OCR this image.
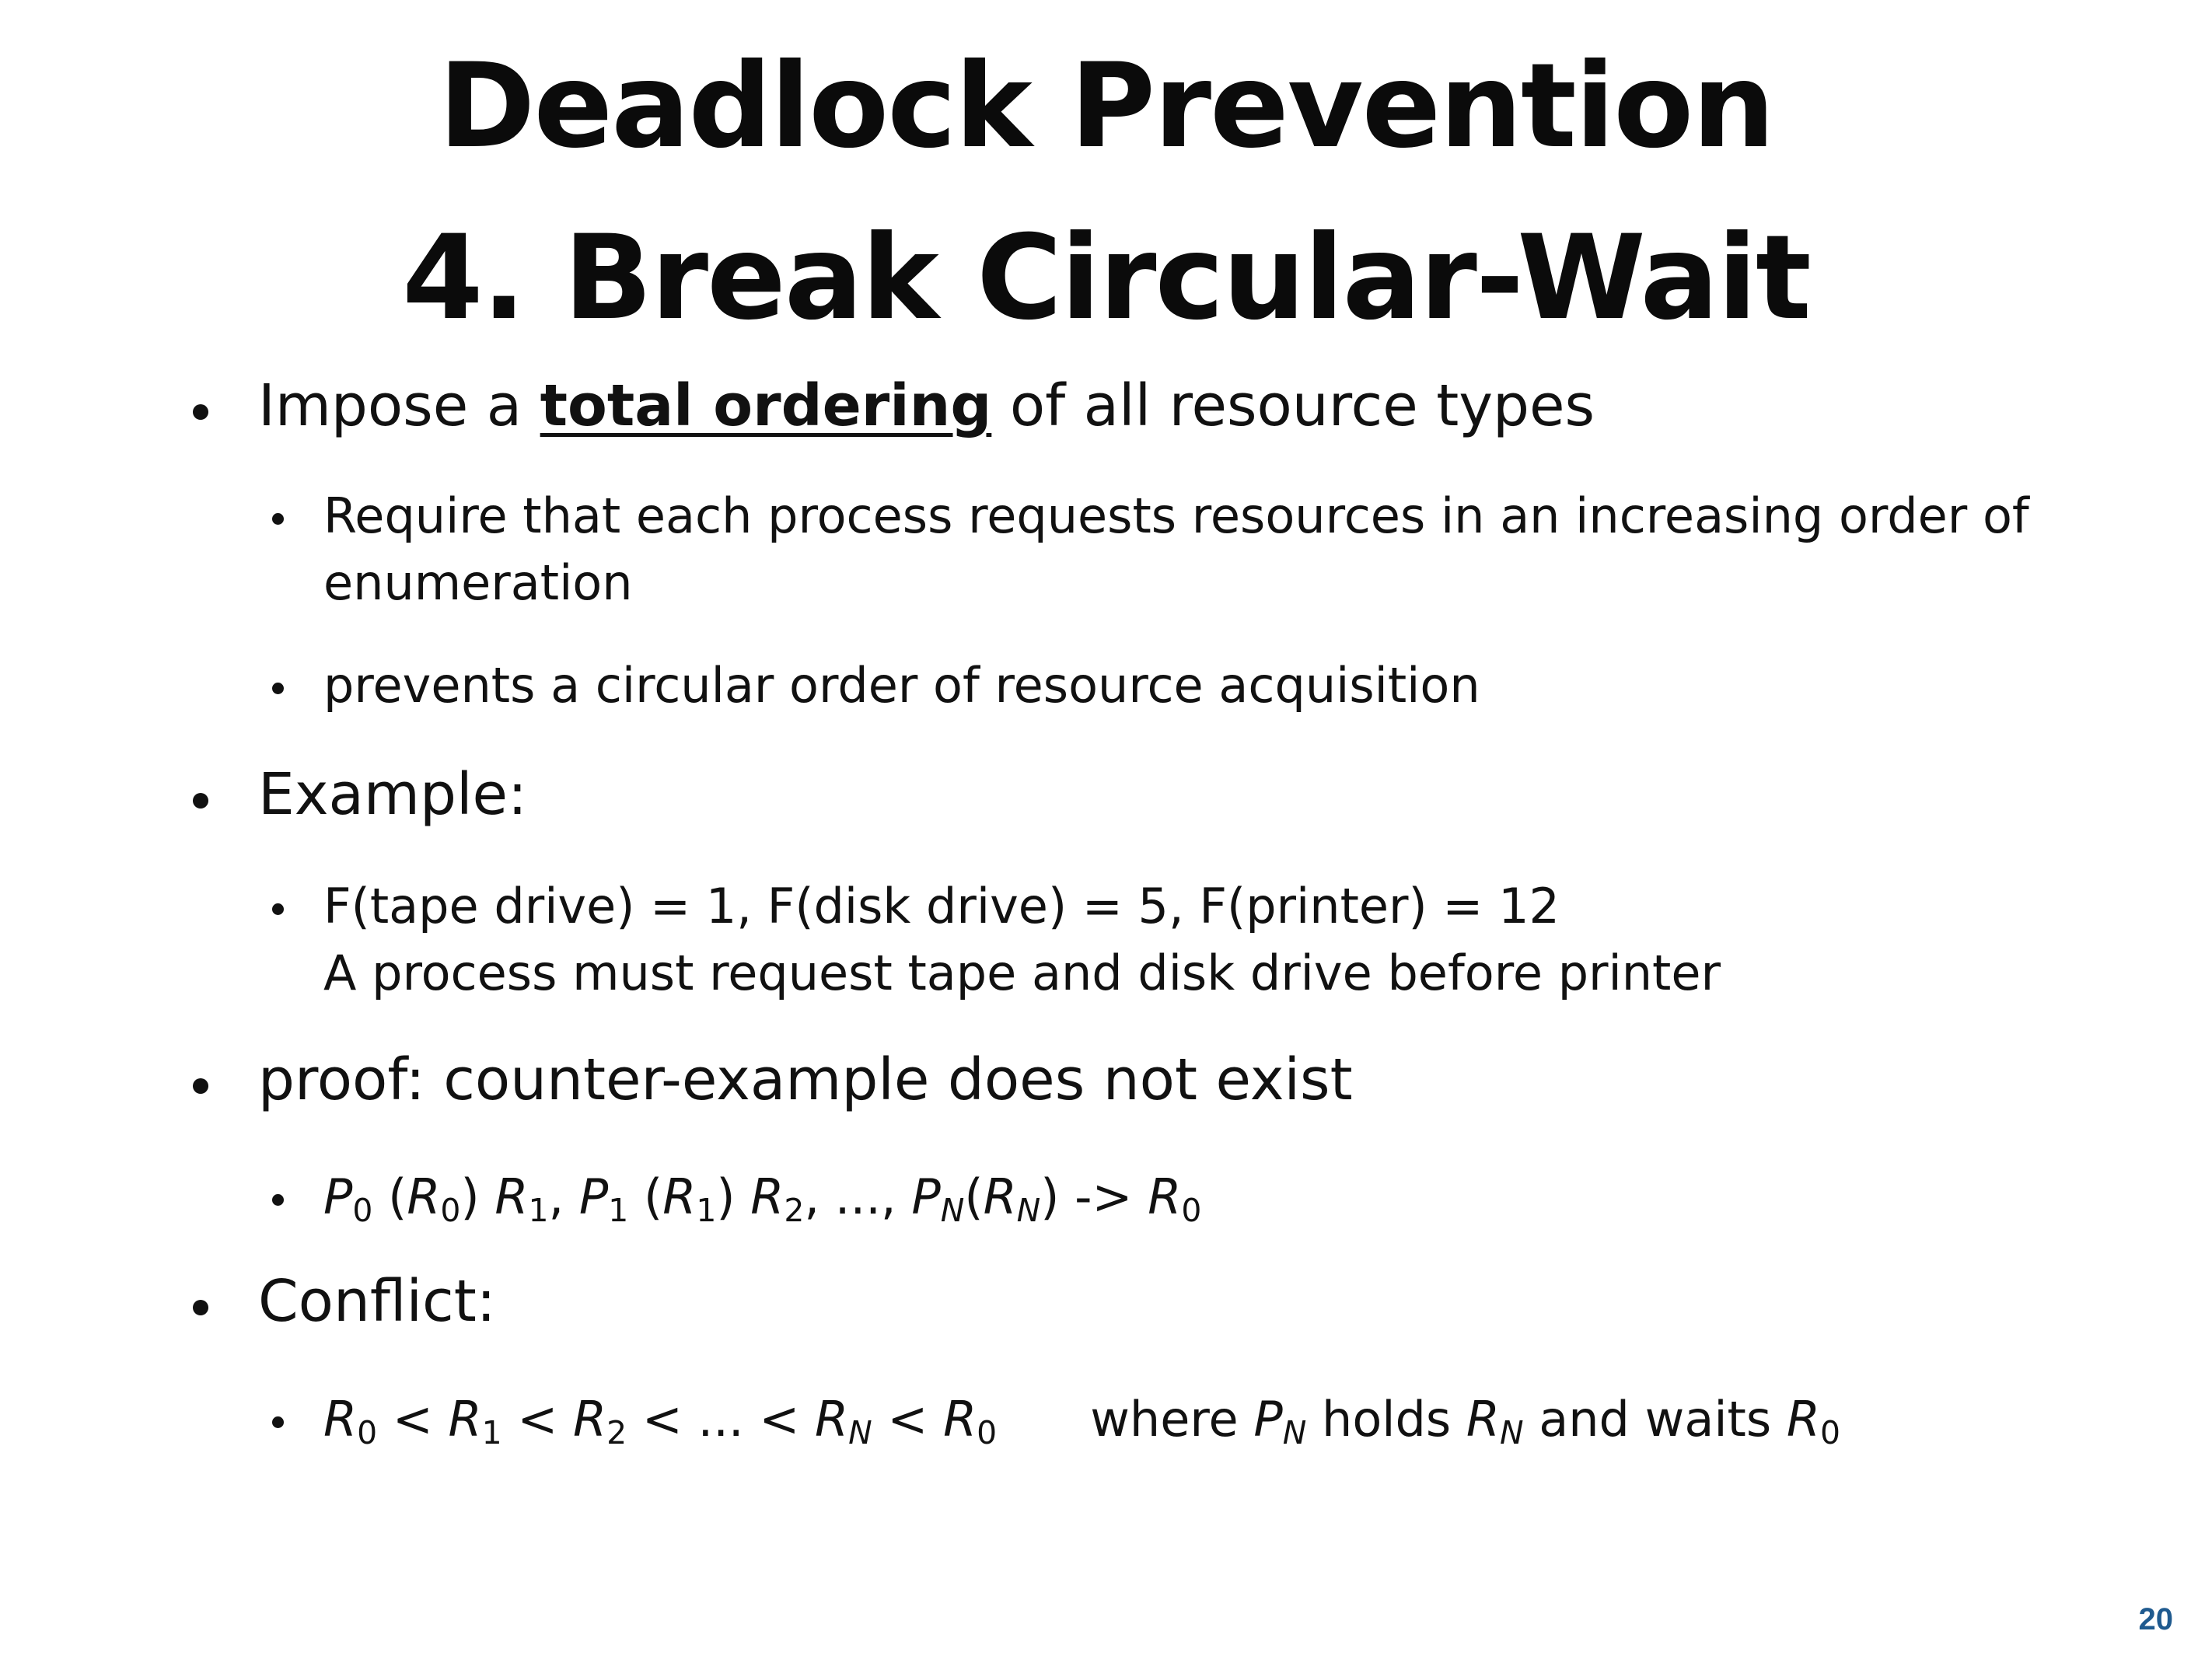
Deadlock Prevention
4. Break Circular-Wait
Impose a total ordering of all resource types
Require that each process requests resources in an increasing order of
enumeration
prevents a circular order of resource acquisition
Example:
F(tape drive) = 1, F(disk drive) = 5, F(printer) = 12
A process must request tape and disk drive before printer
proof: counter-example does not exist
P0 (R0) R1, P1 (R1) R2, ..., PN(RN) -> R0
Conflict:
R0 < R1 < R2 < ... < RN < R0 where PN holds RN and waits R0
20
